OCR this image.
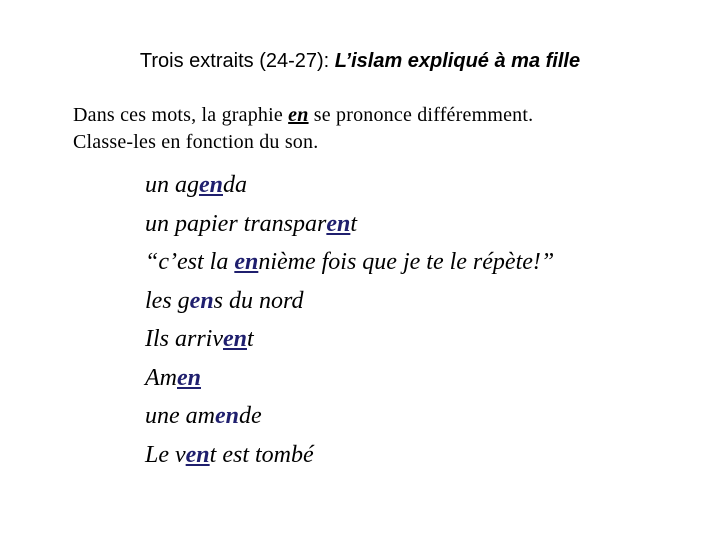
Trois extraits (24-27): L’islam expliqué à ma fille
Dans ces mots, la graphie en se prononce différemment.
Classe-les en fonction du son.
un agenda
un papier transparent
“c’est la ennième fois que je te le répète!”
les gens du nord
Ils arrivent
Amen
une amende
Le vent est tombé
